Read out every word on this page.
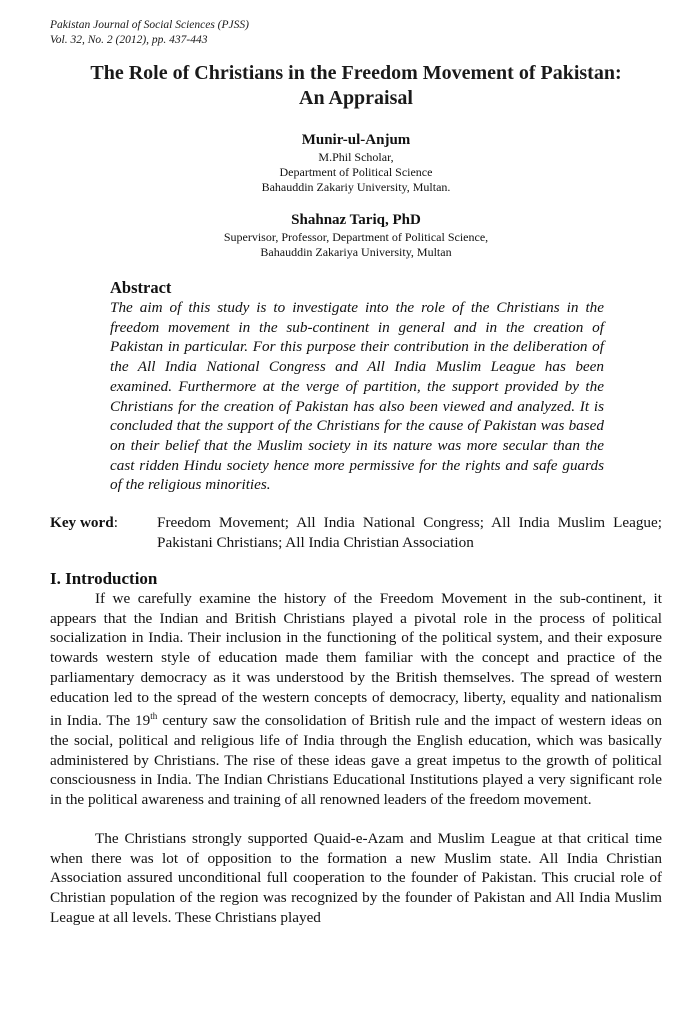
Pakistan Journal of Social Sciences (PJSS)
Vol. 32, No. 2 (2012), pp. 437-443
The Role of Christians in the Freedom Movement of Pakistan:
An Appraisal
Munir-ul-Anjum
M.Phil Scholar,
Department of Political Science
Bahauddin Zakariy University, Multan.
Shahnaz Tariq, PhD
Supervisor, Professor, Department of Political Science,
Bahauddin Zakariya University, Multan
Abstract
The aim of this study is to investigate into the role of the Christians in the freedom movement in the sub-continent in general and in the creation of Pakistan in particular. For this purpose their contribution in the deliberation of the All India National Congress and All India Muslim League has been examined. Furthermore at the verge of partition, the support provided by the Christians for the creation of Pakistan has also been viewed and analyzed. It is concluded that the support of the Christians for the cause of Pakistan was based on their belief that the Muslim society in its nature was more secular than the cast ridden Hindu society hence more permissive for the rights and safe guards of the religious minorities.
Key word:	Freedom Movement; All India National Congress; All India Muslim League; Pakistani Christians; All India Christian Association
I. Introduction

If we carefully examine the history of the Freedom Movement in the sub-continent, it appears that the Indian and British Christians played a pivotal role in the process of political socialization in India. Their inclusion in the functioning of the political system, and their exposure towards western style of education made them familiar with the concept and practice of the parliamentary democracy as it was understood by the British themselves. The spread of western education led to the spread of the western concepts of democracy, liberty, equality and nationalism in India. The 19th century saw the consolidation of British rule and the impact of western ideas on the social, political and religious life of India through the English education, which was basically administered by Christians. The rise of these ideas gave a great impetus to the growth of political consciousness in India. The Indian Christians Educational Institutions played a very significant role in the political awareness and training of all renowned leaders of the freedom movement.

The Christians strongly supported Quaid-e-Azam and Muslim League at that critical time when there was lot of opposition to the formation a new Muslim state. All India Christian Association assured unconditional full cooperation to the founder of Pakistan. This crucial role of Christian population of the region was recognized by the founder of Pakistan and All India Muslim League at all levels. These Christians played
